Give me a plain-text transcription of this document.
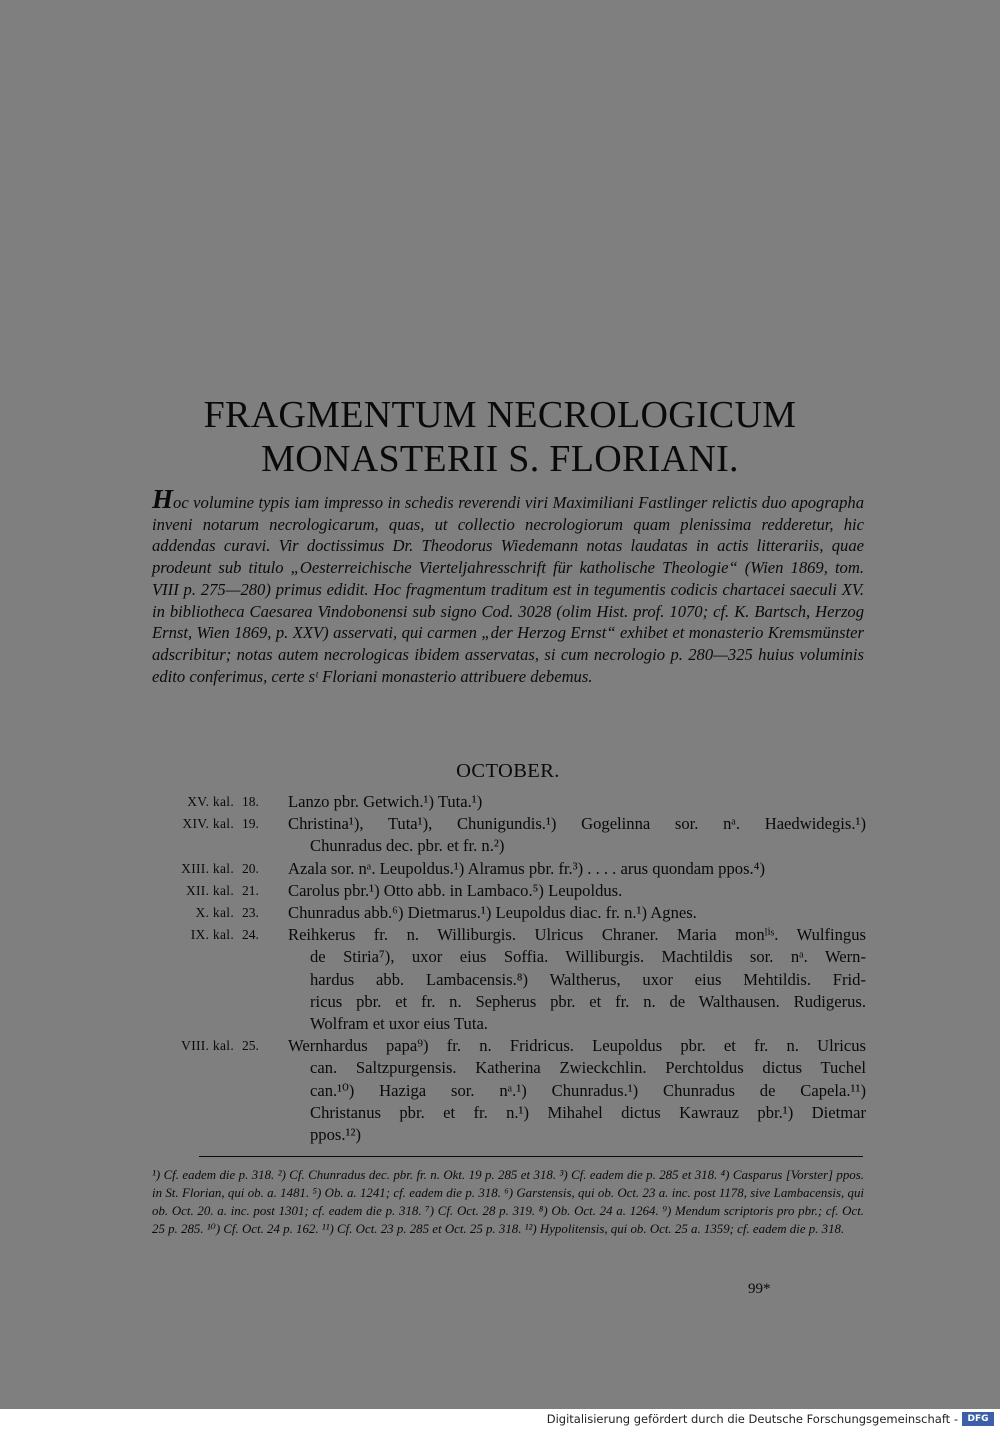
FRAGMENTUM NECROLOGICUM
MONASTERII S. FLORIANI.
Hoc volumine typis iam impresso in schedis reverendi viri Maximiliani Fastlinger relictis duo apographa inveni notarum necrologicarum, quas, ut collectio necrologiorum quam plenissima redderetur, hic addendas curavi. Vir doctissimus Dr. Theodorus Wiedemann notas laudatas in actis litterariis, quae prodeunt sub titulo „Oesterreichische Vierteljahresschrift für katholische Theologie“ (Wien 1869, tom. VIII p. 275—280) primus edidit. Hoc fragmentum traditum est in tegumentis codicis chartacei saeculi XV. in bibliotheca Caesarea Vindobonensi sub signo Cod. 3028 (olim Hist. prof. 1070; cf. K. Bartsch, Herzog Ernst, Wien 1869, p. XXV) asservati, qui carmen „der Herzog Ernst“ exhibet et monasterio Kremsmünster adscribitur; notas autem necrologicas ibidem asservatas, si cum necrologio p. 280—325 huius voluminis edito conferimus, certe sᵗ Floriani monasterio attribuere debemus.
OCTOBER.
XV. kal. 18.	Lanzo pbr. Getwich.¹) Tuta.¹)
XIV. kal. 19.	Christina¹), Tuta¹), Chunigundis.¹) Gogelinna sor. nᵃ. Haedwidegis.¹)
Chunradus dec. pbr. et fr. n.²)
XIII. kal. 20.	Azala sor. nᵃ. Leupoldus.¹) Alramus pbr. fr.³) . . . . arus quondam ppos.⁴)
XII. kal. 21.	Carolus pbr.¹) Otto abb. in Lambaco.⁵) Leupoldus.
X. kal. 23.	Chunradus abb.⁶) Dietmarus.¹) Leupoldus diac. fr. n.¹) Agnes.
IX. kal. 24.	Reihkerus fr. n. Williburgis. Ulricus Chraner. Maria monˡⁱˢ. Wulfingus
de Stiria⁷), uxor eius Soffia. Williburgis. Machtildis sor. nᵃ. Wern-
hardus abb. Lambacensis.⁸) Waltherus, uxor eius Mehtildis. Frid-
ricus pbr. et fr. n. Sepherus pbr. et fr. n. de Walthausen. Rudigerus.
Wolfram et uxor eius Tuta.
VIII. kal. 25.	Wernhardus papa⁹) fr. n. Fridricus. Leupoldus pbr. et fr. n. Ulricus
can. Saltzpurgensis. Katherina Zwieckchlin. Perchtoldus dictus Tuchel
can.¹⁰) Haziga sor. nᵃ.¹) Chunradus.¹) Chunradus de Capela.¹¹)
Christanus pbr. et fr. n.¹) Mihahel dictus Kawrauz pbr.¹) Dietmar
ppos.¹²)
¹) Cf. eadem die p. 318. ²) Cf. Chunradus dec. pbr. fr. n. Okt. 19 p. 285 et 318. ³) Cf. eadem die p. 285 et 318. ⁴) Casparus [Vorster] ppos. in St. Florian, qui ob. a. 1481. ⁵) Ob. a. 1241; cf. eadem die p. 318. ⁶) Garstensis, qui ob. Oct. 23 a. inc. post 1178, sive Lambacensis, qui ob. Oct. 20. a. inc. post 1301; cf. eadem die p. 318. ⁷) Cf. Oct. 28 p. 319. ⁸) Ob. Oct. 24 a. 1264. ⁹) Mendum scriptoris pro pbr.; cf. Oct. 25 p. 285. ¹⁰) Cf. Oct. 24 p. 162. ¹¹) Cf. Oct. 23 p. 285 et Oct. 25 p. 318. ¹²) Hypolitensis, qui ob. Oct. 25 a. 1359; cf. eadem die p. 318.
99*
Digitalisierung gefördert durch die Deutsche Forschungsgemeinschaft -	DFG
